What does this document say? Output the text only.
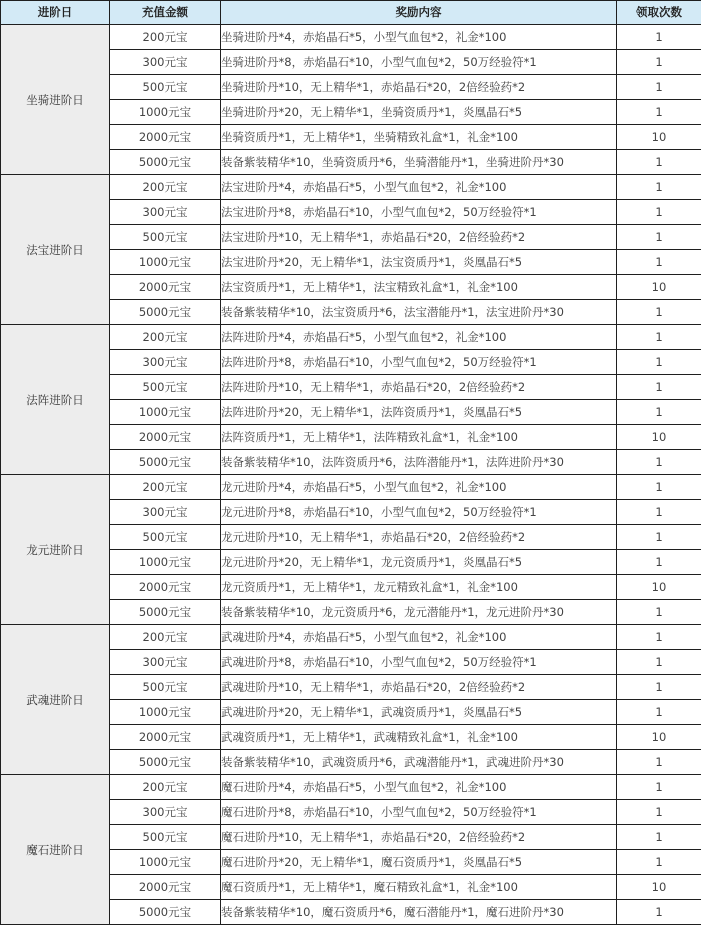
进阶日	充值金额	奖励内容	领取次数
坐骑进阶日	200元宝	坐骑进阶丹*4，赤焰晶石*5，小型气血包*2，礼金*100	1
	300元宝	坐骑进阶丹*8，赤焰晶石*10，小型气血包*2，50万经验符*1	1
	500元宝	坐骑进阶丹*10，无上精华*1，赤焰晶石*20，2倍经验药*2	1
	1000元宝	坐骑进阶丹*20，无上精华*1，坐骑资质丹*1，炎凰晶石*5	1
	2000元宝	坐骑资质丹*1，无上精华*1，坐骑精致礼盒*1，礼金*100	10
	5000元宝	装备紫装精华*10，坐骑资质丹*6，坐骑潜能丹*1，坐骑进阶丹*30	1
法宝进阶日	200元宝	法宝进阶丹*4，赤焰晶石*5，小型气血包*2，礼金*100	1
	300元宝	法宝进阶丹*8，赤焰晶石*10，小型气血包*2，50万经验符*1	1
	500元宝	法宝进阶丹*10，无上精华*1，赤焰晶石*20，2倍经验药*2	1
	1000元宝	法宝进阶丹*20，无上精华*1，法宝资质丹*1，炎凰晶石*5	1
	2000元宝	法宝资质丹*1，无上精华*1，法宝精致礼盒*1，礼金*100	10
	5000元宝	装备紫装精华*10，法宝资质丹*6，法宝潜能丹*1，法宝进阶丹*30	1
法阵进阶日	200元宝	法阵进阶丹*4，赤焰晶石*5，小型气血包*2，礼金*100	1
	300元宝	法阵进阶丹*8，赤焰晶石*10，小型气血包*2，50万经验符*1	1
	500元宝	法阵进阶丹*10，无上精华*1，赤焰晶石*20，2倍经验药*2	1
	1000元宝	法阵进阶丹*20，无上精华*1，法阵资质丹*1，炎凰晶石*5	1
	2000元宝	法阵资质丹*1，无上精华*1，法阵精致礼盒*1，礼金*100	10
	5000元宝	装备紫装精华*10，法阵资质丹*6，法阵潜能丹*1，法阵进阶丹*30	1
龙元进阶日	200元宝	龙元进阶丹*4，赤焰晶石*5，小型气血包*2，礼金*100	1
	300元宝	龙元进阶丹*8，赤焰晶石*10，小型气血包*2，50万经验符*1	1
	500元宝	龙元进阶丹*10，无上精华*1，赤焰晶石*20，2倍经验药*2	1
	1000元宝	龙元进阶丹*20，无上精华*1，龙元资质丹*1，炎凰晶石*5	1
	2000元宝	龙元资质丹*1，无上精华*1，龙元精致礼盒*1，礼金*100	10
	5000元宝	装备紫装精华*10，龙元资质丹*6，龙元潜能丹*1，龙元进阶丹*30	1
武魂进阶日	200元宝	武魂进阶丹*4，赤焰晶石*5，小型气血包*2，礼金*100	1
	300元宝	武魂进阶丹*8，赤焰晶石*10，小型气血包*2，50万经验符*1	1
	500元宝	武魂进阶丹*10，无上精华*1，赤焰晶石*20，2倍经验药*2	1
	1000元宝	武魂进阶丹*20，无上精华*1，武魂资质丹*1，炎凰晶石*5	1
	2000元宝	武魂资质丹*1，无上精华*1，武魂精致礼盒*1，礼金*100	10
	5000元宝	装备紫装精华*10，武魂资质丹*6，武魂潜能丹*1，武魂进阶丹*30	1
魔石进阶日	200元宝	魔石进阶丹*4，赤焰晶石*5，小型气血包*2，礼金*100	1
	300元宝	魔石进阶丹*8，赤焰晶石*10，小型气血包*2，50万经验符*1	1
	500元宝	魔石进阶丹*10，无上精华*1，赤焰晶石*20，2倍经验药*2	1
	1000元宝	魔石进阶丹*20，无上精华*1，魔石资质丹*1，炎凰晶石*5	1
	2000元宝	魔石资质丹*1，无上精华*1，魔石精致礼盒*1，礼金*100	10
	5000元宝	装备紫装精华*10，魔石资质丹*6，魔石潜能丹*1，魔石进阶丹*30	1
